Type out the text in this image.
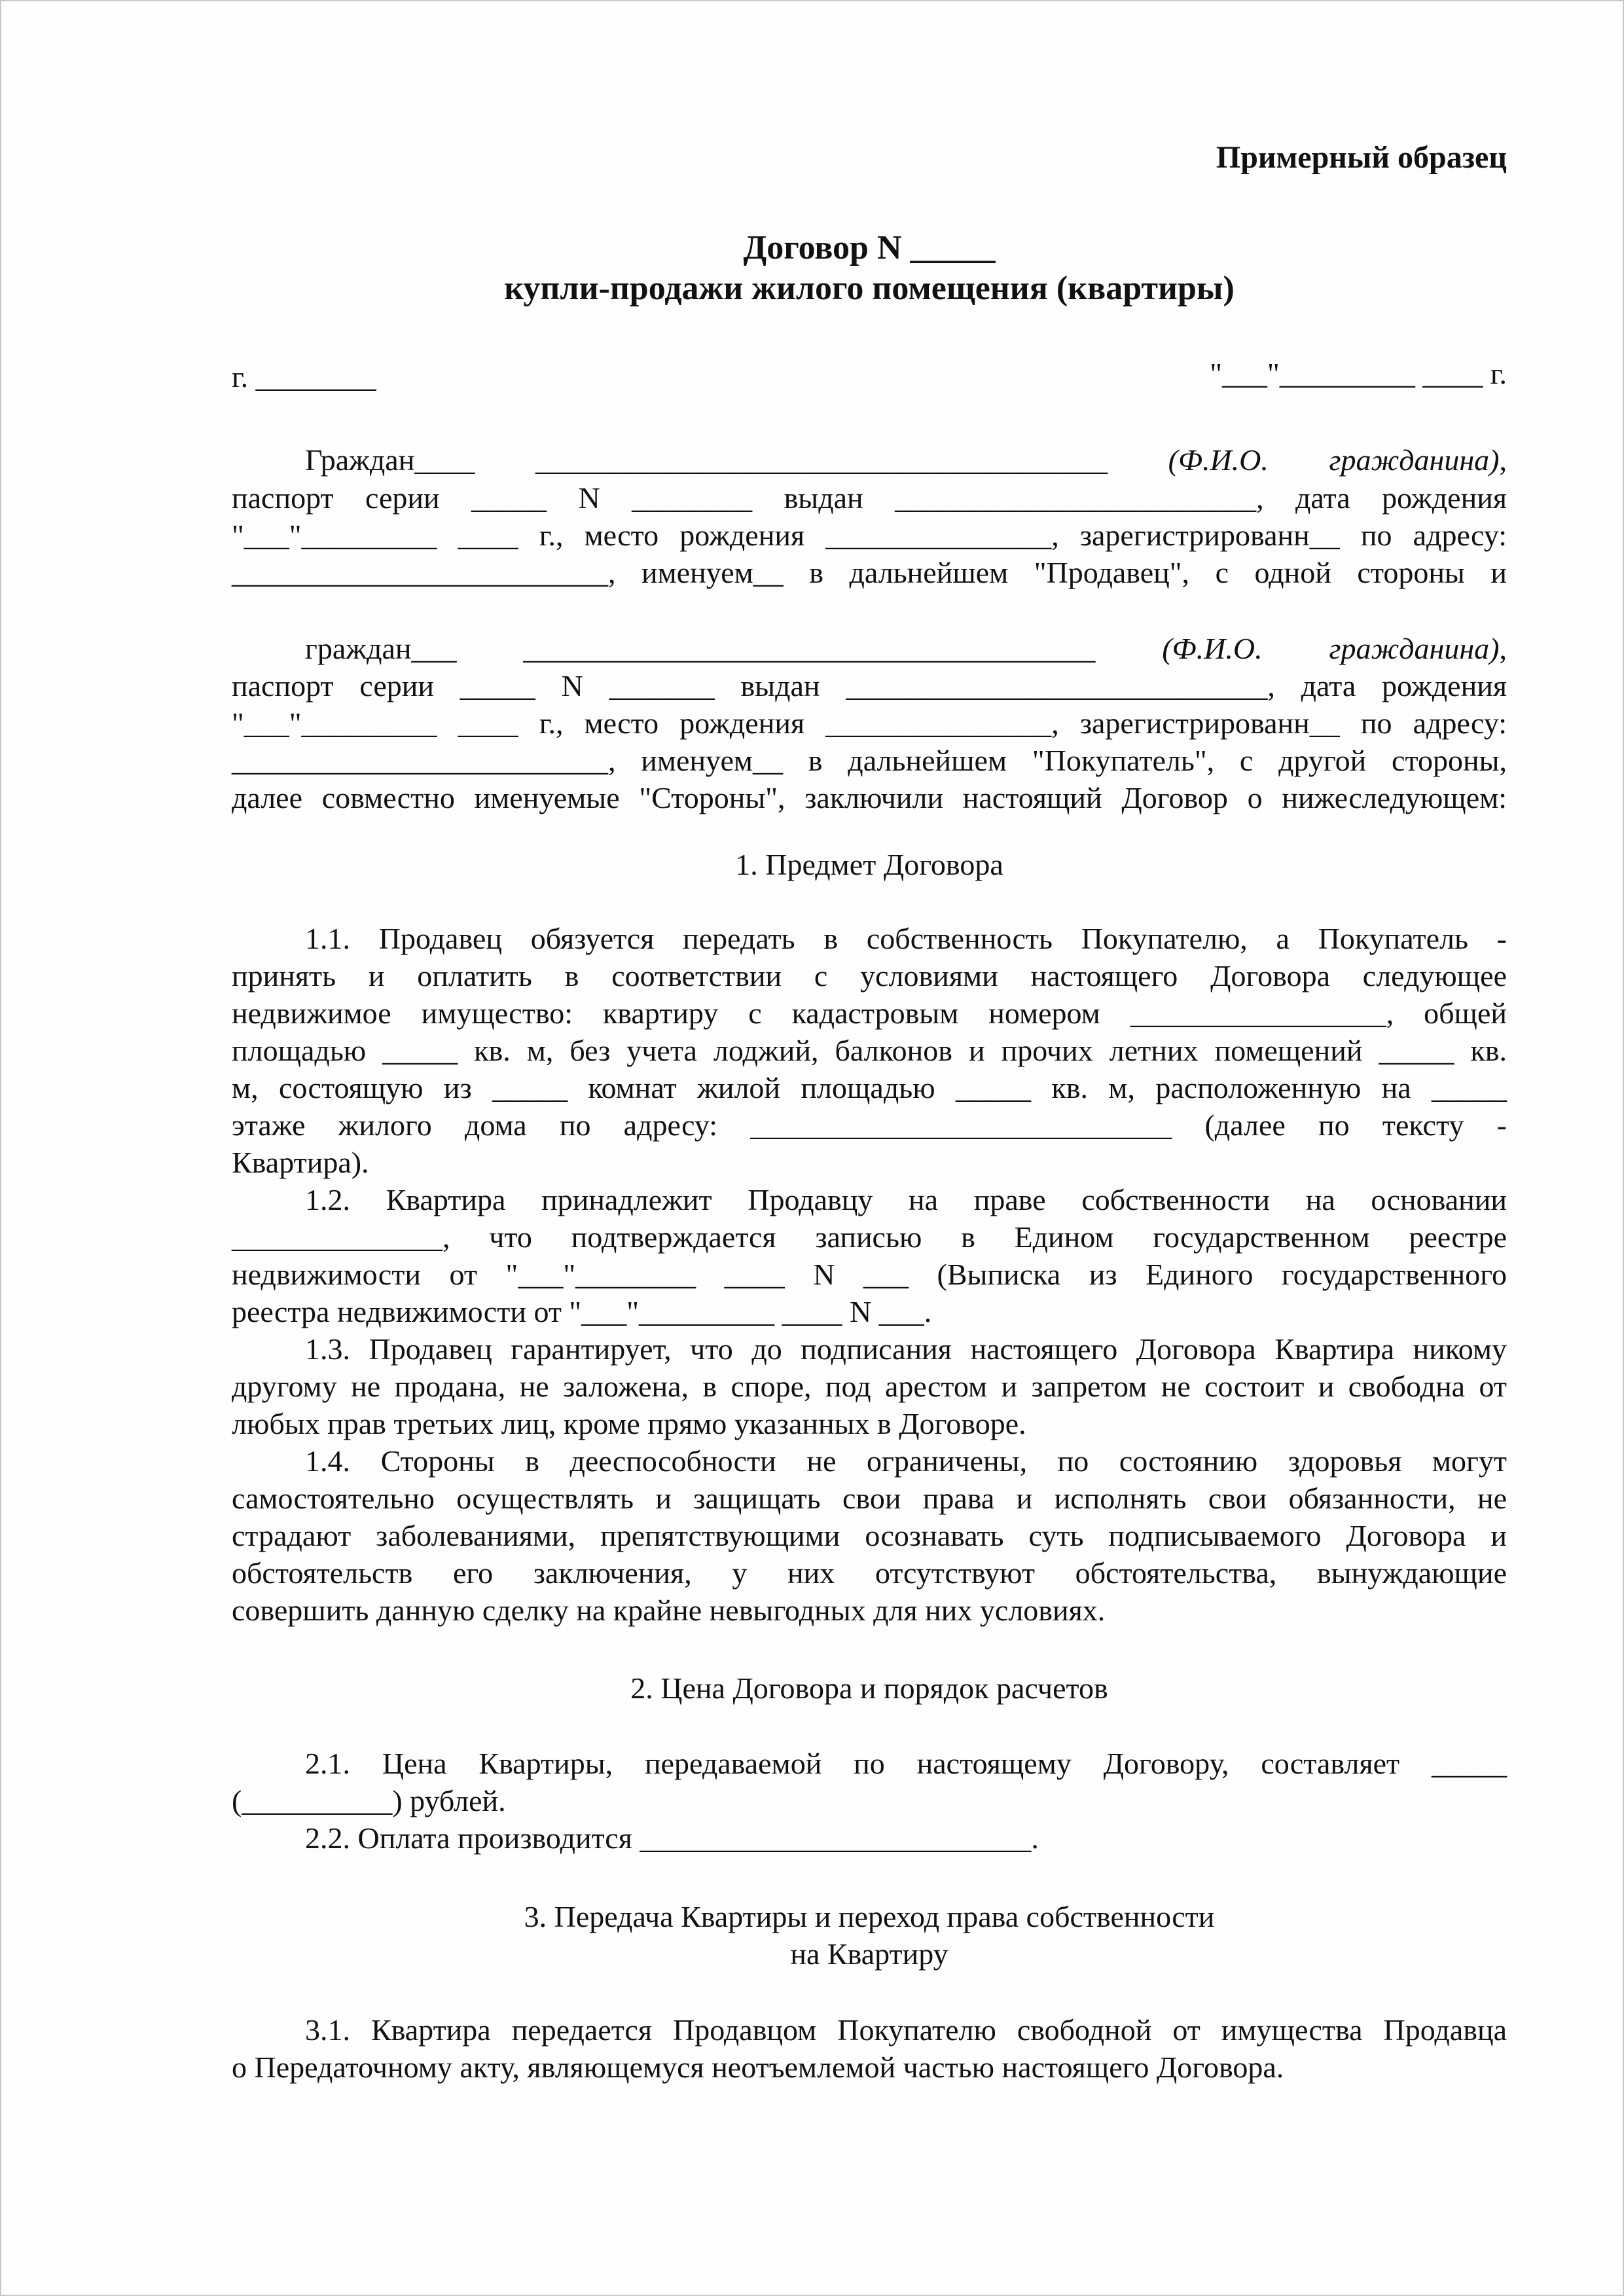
Примерный образец
Договор N _____
купли-продажи жилого помещения (квартиры)
г. ________	"___"_________ ____ г.
Граждан____ ______________________________________ (Ф.И.О. гражданина),
паспорт серии _____ N ________ выдан ________________________, дата рождения
"___"_________ ____ г., место рождения _______________, зарегистрированн__ по адресу:
_________________________, именуем__ в дальнейшем "Продавец", с одной стороны и
граждан___ ______________________________________ (Ф.И.О. гражданина),
паспорт серии _____ N _______ выдан ____________________________, дата рождения
"___"_________ ____ г., место рождения _______________, зарегистрированн__ по адресу:
_________________________, именуем__ в дальнейшем "Покупатель", с другой стороны,
далее совместно именуемые "Стороны", заключили настоящий Договор о нижеследующем:
1. Предмет Договора
1.1. Продавец обязуется передать в собственность Покупателю, а Покупатель -
принять и оплатить в соответствии с условиями настоящего Договора следующее
недвижимое имущество: квартиру с кадастровым номером _________________, общей
площадью _____ кв. м, без учета лоджий, балконов и прочих летних помещений _____ кв.
м, состоящую из _____ комнат жилой площадью _____ кв. м, расположенную на _____
этаже жилого дома по адресу: ____________________________ (далее по тексту -
Квартира).
1.2. Квартира принадлежит Продавцу на праве собственности на основании
______________, что подтверждается записью в Едином государственном реестре
недвижимости от "___"________ ____ N ___ (Выписка из Единого государственного
реестра недвижимости от "___"_________ ____ N ___.
1.3. Продавец гарантирует, что до подписания настоящего Договора Квартира никому
другому не продана, не заложена, в споре, под арестом и запретом не состоит и свободна от
любых прав третьих лиц, кроме прямо указанных в Договоре.
1.4. Стороны в дееспособности не ограничены, по состоянию здоровья могут
самостоятельно осуществлять и защищать свои права и исполнять свои обязанности, не
страдают заболеваниями, препятствующими осознавать суть подписываемого Договора и
обстоятельств его заключения, у них отсутствуют обстоятельства, вынуждающие
совершить данную сделку на крайне невыгодных для них условиях.
2. Цена Договора и порядок расчетов
2.1. Цена Квартиры, передаваемой по настоящему Договору, составляет _____
(__________) рублей.
2.2. Оплата производится __________________________.
3. Передача Квартиры и переход права собственности
на Квартиру
3.1. Квартира передается Продавцом Покупателю свободной от имущества Продавца
о Передаточному акту, являющемуся неотъемлемой частью настоящего Договора.
